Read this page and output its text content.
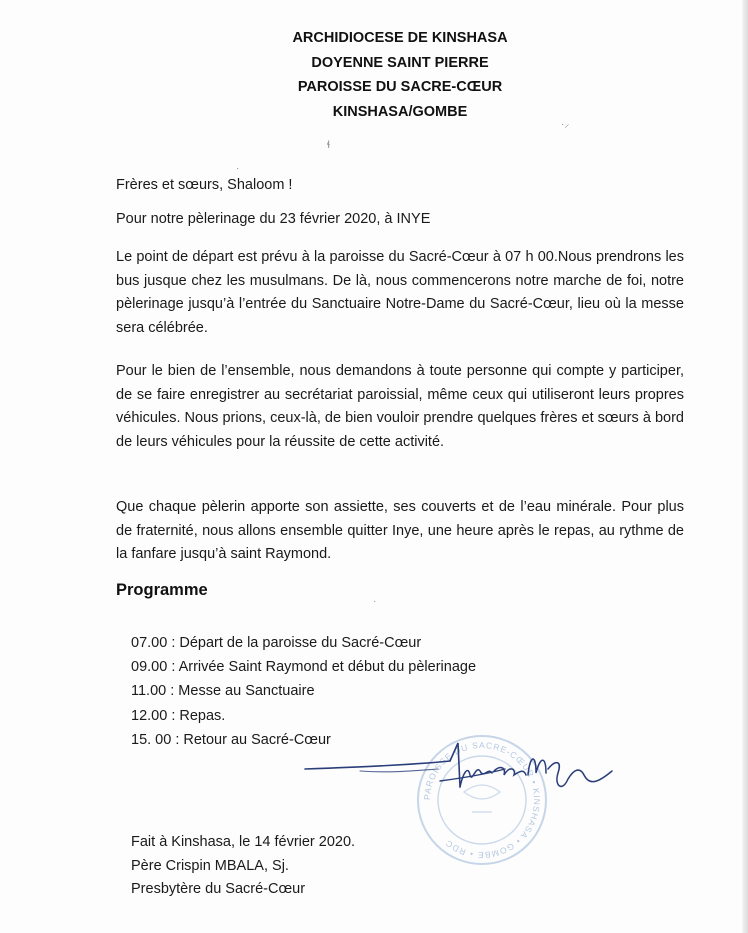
ARCHIDIOCESE DE KINSHASA
DOYENNE SAINT PIERRE
PAROISSE DU SACRE-CŒUR
KINSHASA/GOMBE
ɬ
·⸝
·
·

Frères et sœurs, Shaloom !

Pour notre pèlerinage du 23 février 2020, à INYE

Le point de départ est prévu à la paroisse du Sacré-Cœur à 07 h 00.Nous prendrons les bus jusque chez les musulmans. De là, nous commencerons notre marche de foi, notre pèlerinage jusqu’à l’entrée du Sanctuaire Notre-Dame du Sacré-Cœur, lieu où la messe sera célébrée.

Pour le bien de l’ensemble, nous demandons à toute personne qui compte y participer, de se faire enregistrer au secrétariat paroissial, même ceux qui utiliseront leurs propres véhicules. Nous prions, ceux-là, de bien vouloir prendre quelques frères et sœurs à bord de leurs véhicules pour la réussite de cette activité.

Que chaque pèlerin apporte son assiette, ses couverts et de l’eau minérale. Pour plus de fraternité, nous allons ensemble quitter Inye, une heure après le repas, au rythme de la fanfare jusqu’à saint Raymond.

Programme
07.00 : Départ de la paroisse du Sacré-Cœur
09.00 : Arrivée Saint Raymond et début du pèlerinage
11.00 : Messe au Sanctuaire
12.00 : Repas.
15. 00 : Retour au Sacré-Cœur
PAROISSE DU SACRE-CŒUR • KINSHASA • GOMBE • RDC
Fait à Kinshasa, le 14 février 2020.
Père Crispin MBALA, Sj.
Presbytère du Sacré-Cœur
